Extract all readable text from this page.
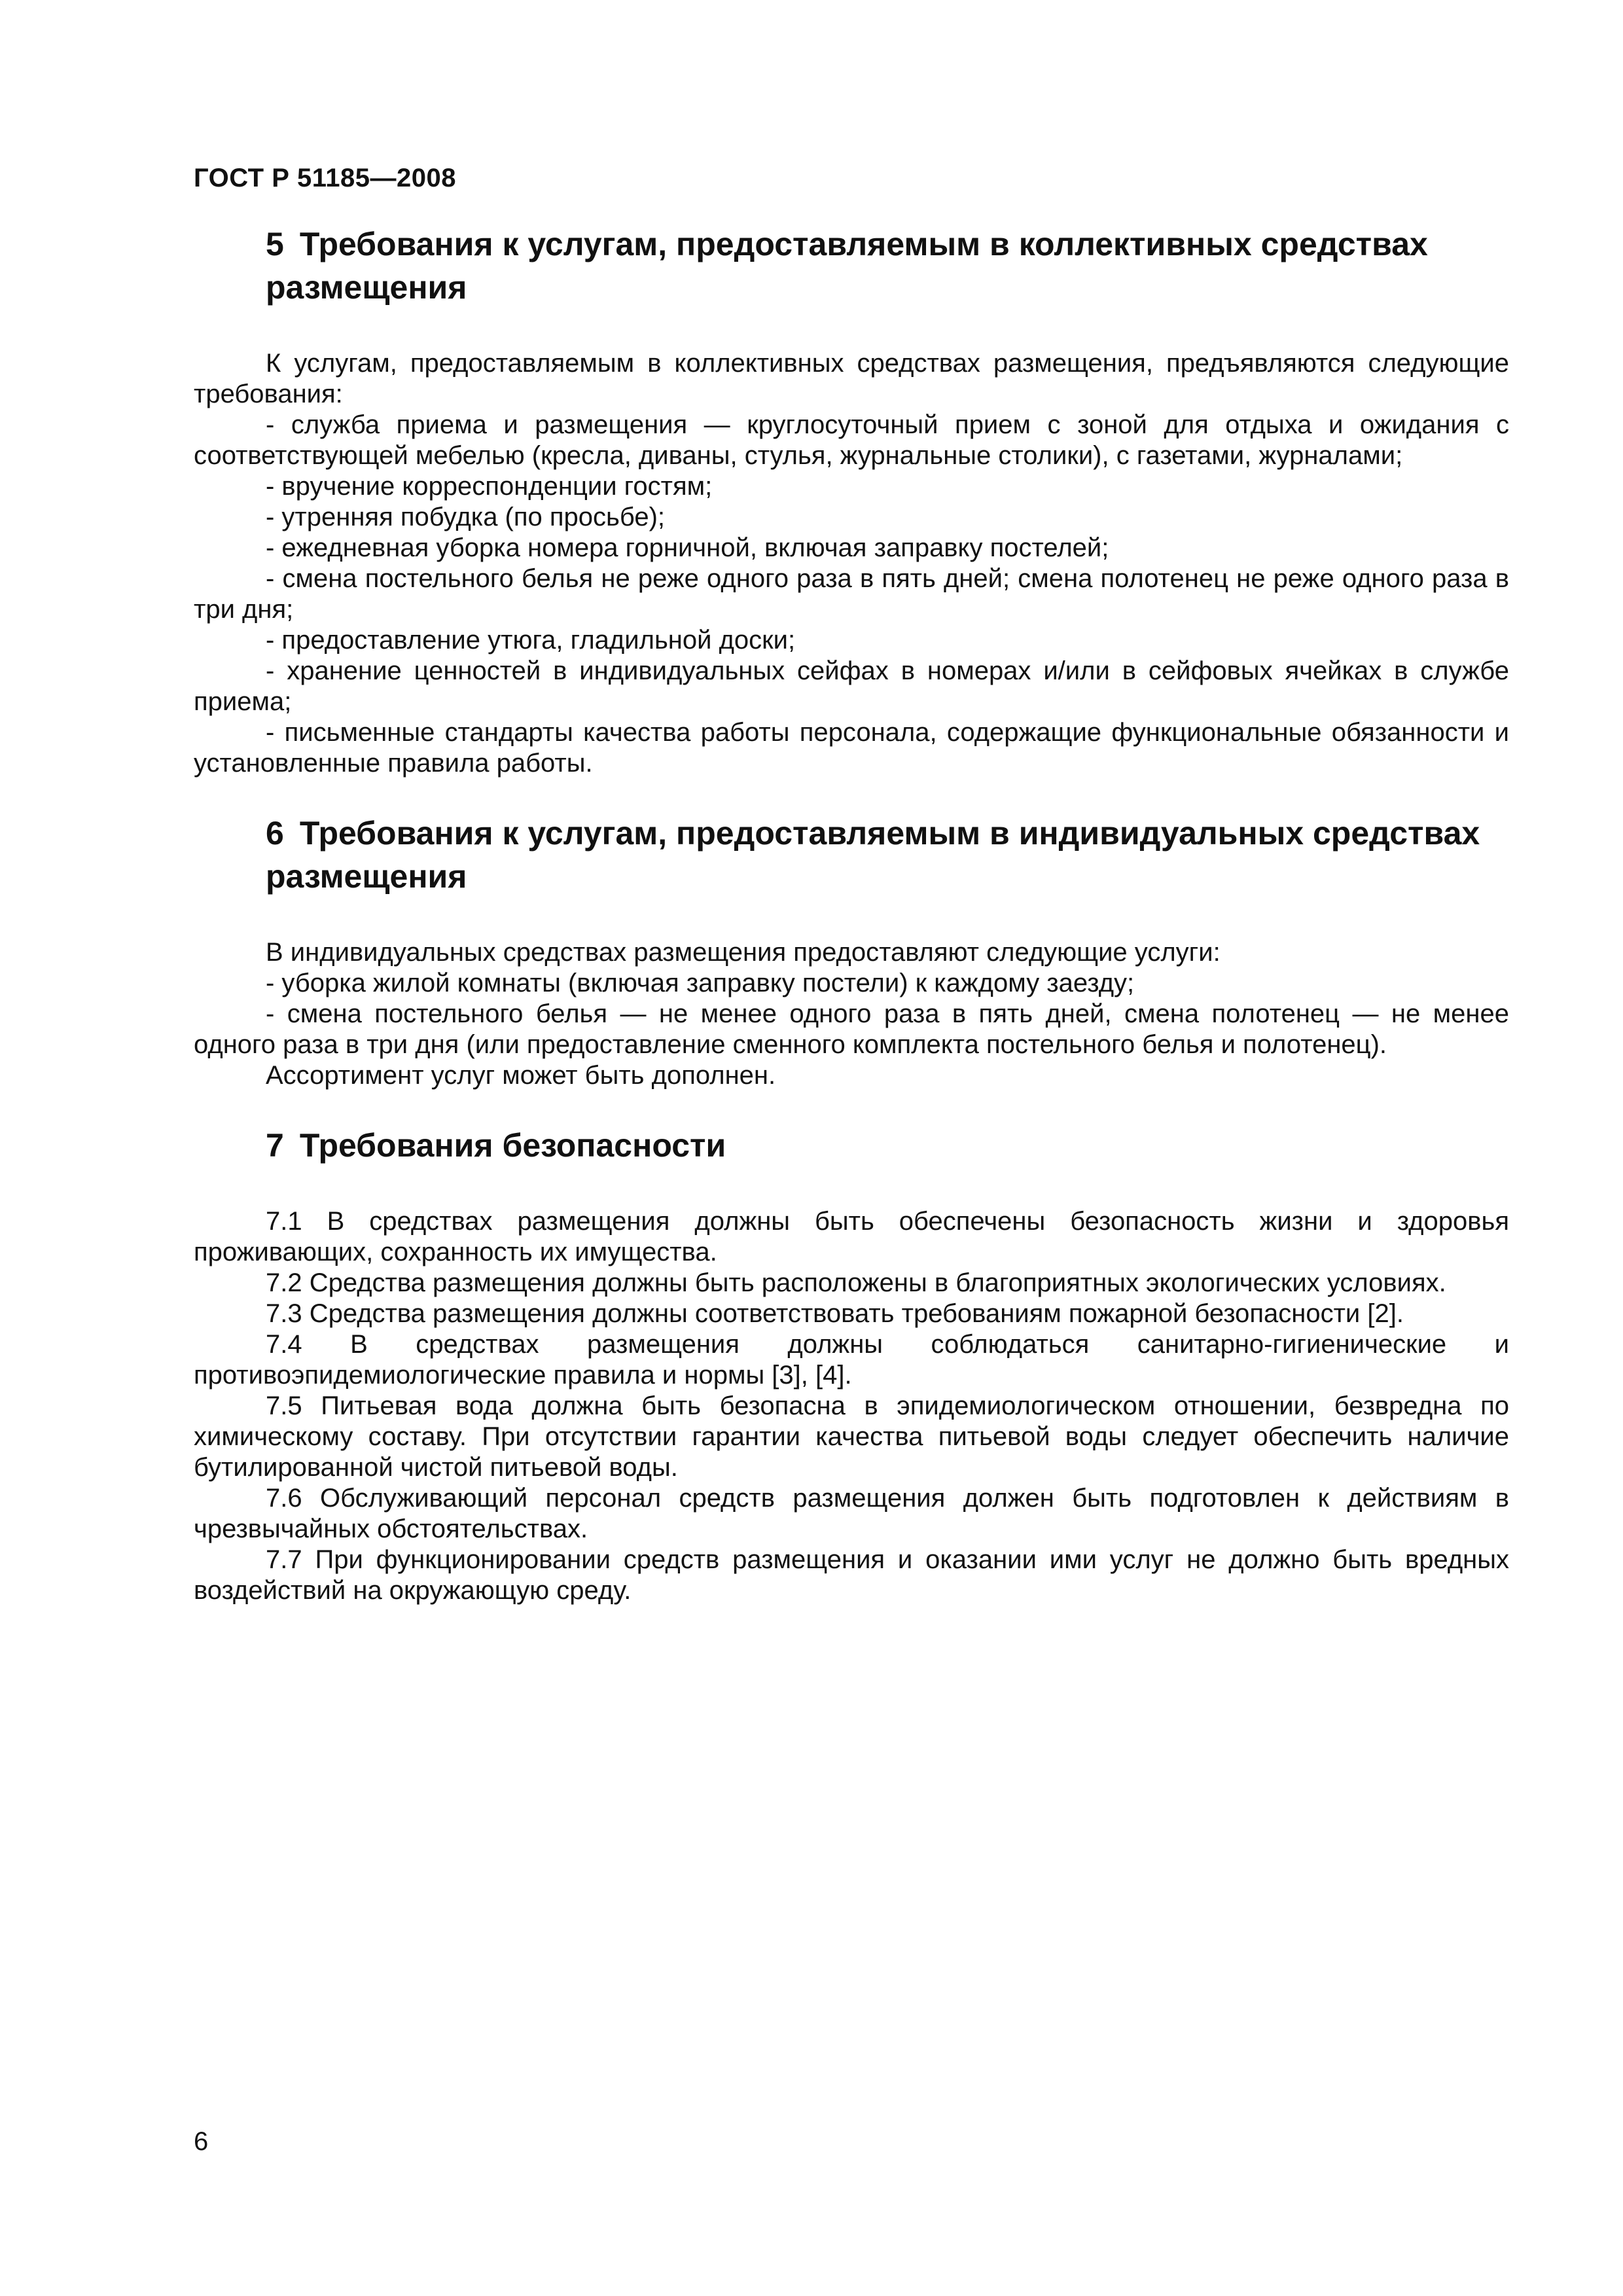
ГОСТ Р 51185—2008
5 Требования к услугам, предоставляемым в коллективных средствах размещения

К услугам, предоставляемым в коллективных средствах размещения, предъявляются следующие требования:

- служба приема и размещения — круглосуточный прием с зоной для отдыха и ожидания с соответствующей мебелью (кресла, диваны, стулья, журнальные столики), с газетами, журналами;

- вручение корреспонденции гостям;

- утренняя побудка (по просьбе);

- ежедневная уборка номера горничной, включая заправку постелей;

- смена постельного белья не реже одного раза в пять дней; смена полотенец не реже одного раза в три дня;

- предоставление утюга, гладильной доски;

- хранение ценностей в индивидуальных сейфах в номерах и/или в сейфовых ячейках в службе приема;

- письменные стандарты качества работы персонала, содержащие функциональные обязанности и установленные правила работы.

6 Требования к услугам, предоставляемым в индивидуальных средствах размещения

В индивидуальных средствах размещения предоставляют следующие услуги:

- уборка жилой комнаты (включая заправку постели) к каждому заезду;

- смена постельного белья — не менее одного раза в пять дней, смена полотенец — не менее одного раза в три дня (или предоставление сменного комплекта постельного белья и полотенец).

Ассортимент услуг может быть дополнен.

7 Требования безопасности

7.1 В средствах размещения должны быть обеспечены безопасность жизни и здоровья проживающих, сохранность их имущества.

7.2 Средства размещения должны быть расположены в благоприятных экологических условиях.

7.3 Средства размещения должны соответствовать требованиям пожарной безопасности [2].

7.4 В средствах размещения должны соблюдаться санитарно-гигиенические и противоэпидемиологические правила и нормы [3], [4].

7.5 Питьевая вода должна быть безопасна в эпидемиологическом отношении, безвредна по химическому составу. При отсутствии гарантии качества питьевой воды следует обеспечить наличие бутилированной чистой питьевой воды.

7.6 Обслуживающий персонал средств размещения должен быть подготовлен к действиям в чрезвычайных обстоятельствах.

7.7 При функционировании средств размещения и оказании ими услуг не должно быть вредных воздействий на окружающую среду.

6
